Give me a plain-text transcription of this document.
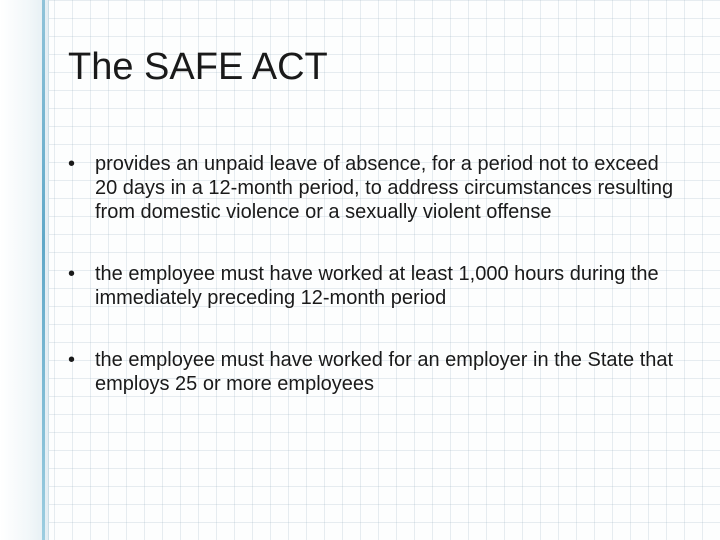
The SAFE ACT
• provides an unpaid leave of absence, for a period not to exceed 20 days in a 12-month period, to address circumstances resulting from domestic violence or a sexually violent offense
• the employee must have worked at least 1,000 hours during the immediately preceding 12-month period
• the employee must have worked for an employer in the State that employs 25 or more employees
